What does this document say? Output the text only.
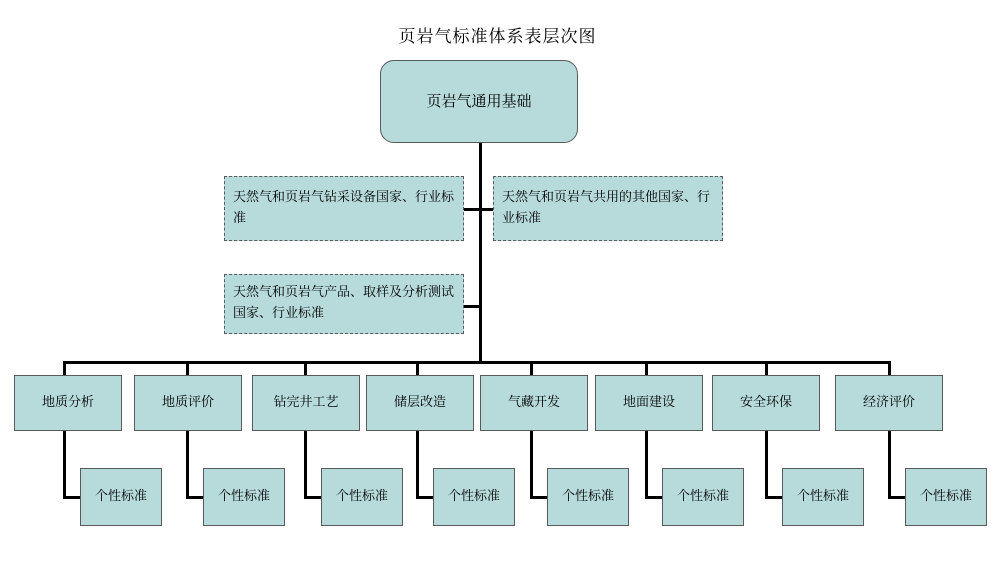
页岩气标准体系表层次图
页岩气通用基础
天然气和页岩气钻采设备国家、行业标准
天然气和页岩气共用的其他国家、行业标准
天然气和页岩气产品、取样及分析测试国家、行业标准
地质分析	地质评价	钻完井工艺	储层改造	气藏开发	地面建设	安全环保	经济评价
个性标准	个性标准	个性标准	个性标准	个性标准	个性标准	个性标准	个性标准
